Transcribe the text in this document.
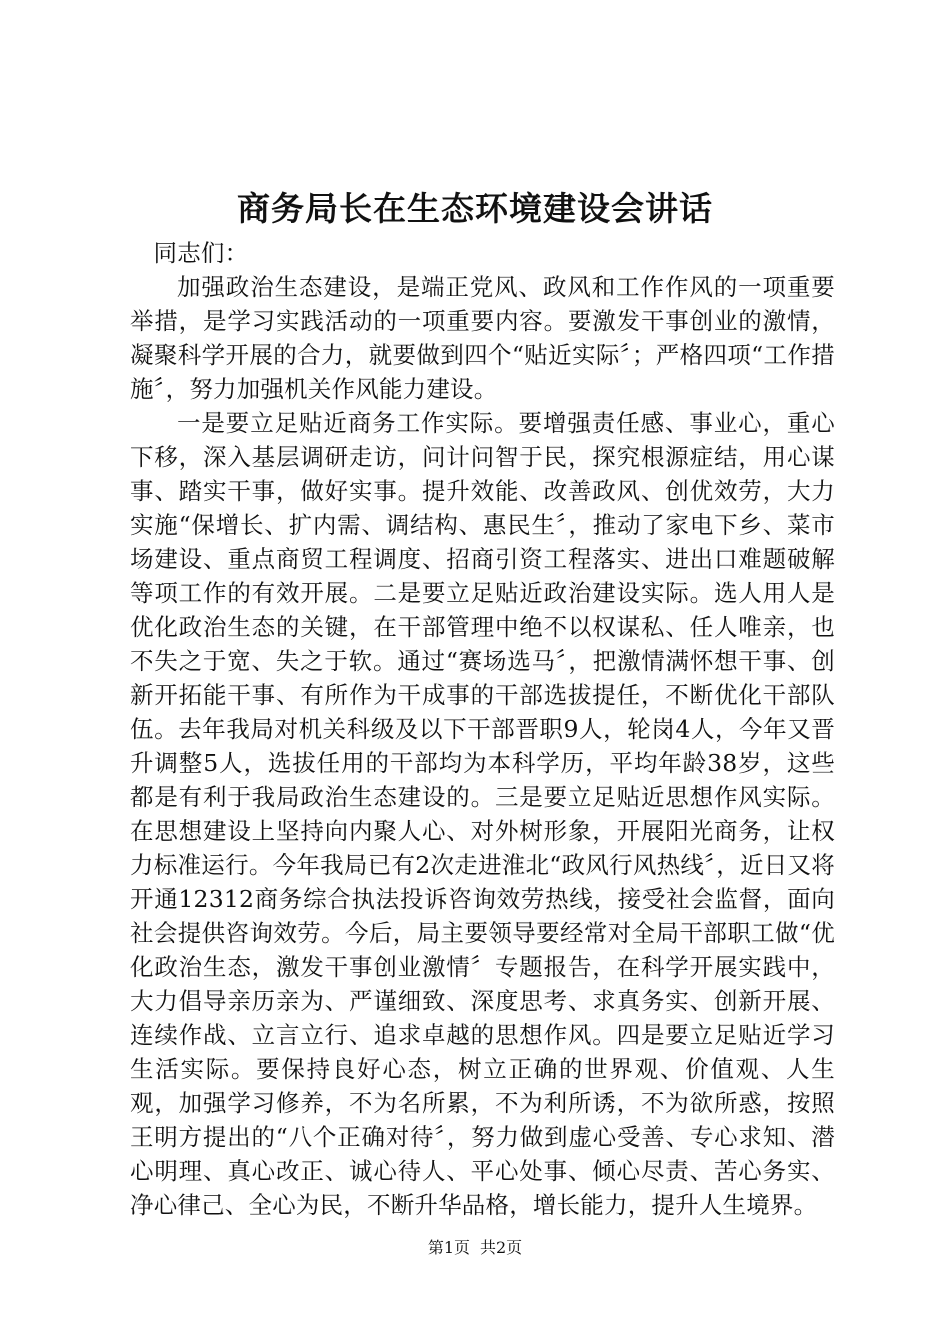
商务局长在生态环境建设会讲话

同志们：

加强政治生态建设，是端正党风、政风和工作作风的一项重要举措，是学习实践活动的一项重要内容。要激发干事创业的激情，凝聚科学开展的合力，就要做到四个“贴近实际〞；严格四项“工作措施〞，努力加强机关作风能力建设。

一是要立足贴近商务工作实际。要增强责任感、事业心，重心下移，深入基层调研走访，问计问智于民，探究根源症结，用心谋事、踏实干事，做好实事。提升效能、改善政风、创优效劳，大力实施“保增长、扩内需、调结构、惠民生〞，推动了家电下乡、菜市场建设、重点商贸工程调度、招商引资工程落实、进出口难题破解等项工作的有效开展。二是要立足贴近政治建设实际。选人用人是优化政治生态的关键，在干部管理中绝不以权谋私、任人唯亲，也不失之于宽、失之于软。通过“赛场选马〞，把激情满怀想干事、创新开拓能干事、有所作为干成事的干部选拔提任，不断优化干部队伍。去年我局对机关科级及以下干部晋职9人，轮岗4人，今年又晋升调整5人，选拔任用的干部均为本科学历，平均年龄38岁，这些都是有利于我局政治生态建设的。三是要立足贴近思想作风实际。在思想建设上坚持向内聚人心、对外树形象，开展阳光商务，让权力标准运行。今年我局已有2次走进淮北“政风行风热线〞，近日又将开通12312商务综合执法投诉咨询效劳热线，接受社会监督，面向社会提供咨询效劳。今后，局主要领导要经常对全局干部职工做“优化政治生态，激发干事创业激情〞专题报告，在科学开展实践中，大力倡导亲历亲为、严谨细致、深度思考、求真务实、创新开展、连续作战、立言立行、追求卓越的思想作风。四是要立足贴近学习生活实际。要保持良好心态，树立正确的世界观、价值观、人生观，加强学习修养，不为名所累，不为利所诱，不为欲所惑，按照王明方提出的“八个正确对待〞，努力做到虚心受善、专心求知、潜心明理、真心改正、诚心待人、平心处事、倾心尽责、苦心务实、净心律己、全心为民，不断升华品格，增长能力，提升人生境界。

第1页 共2页
